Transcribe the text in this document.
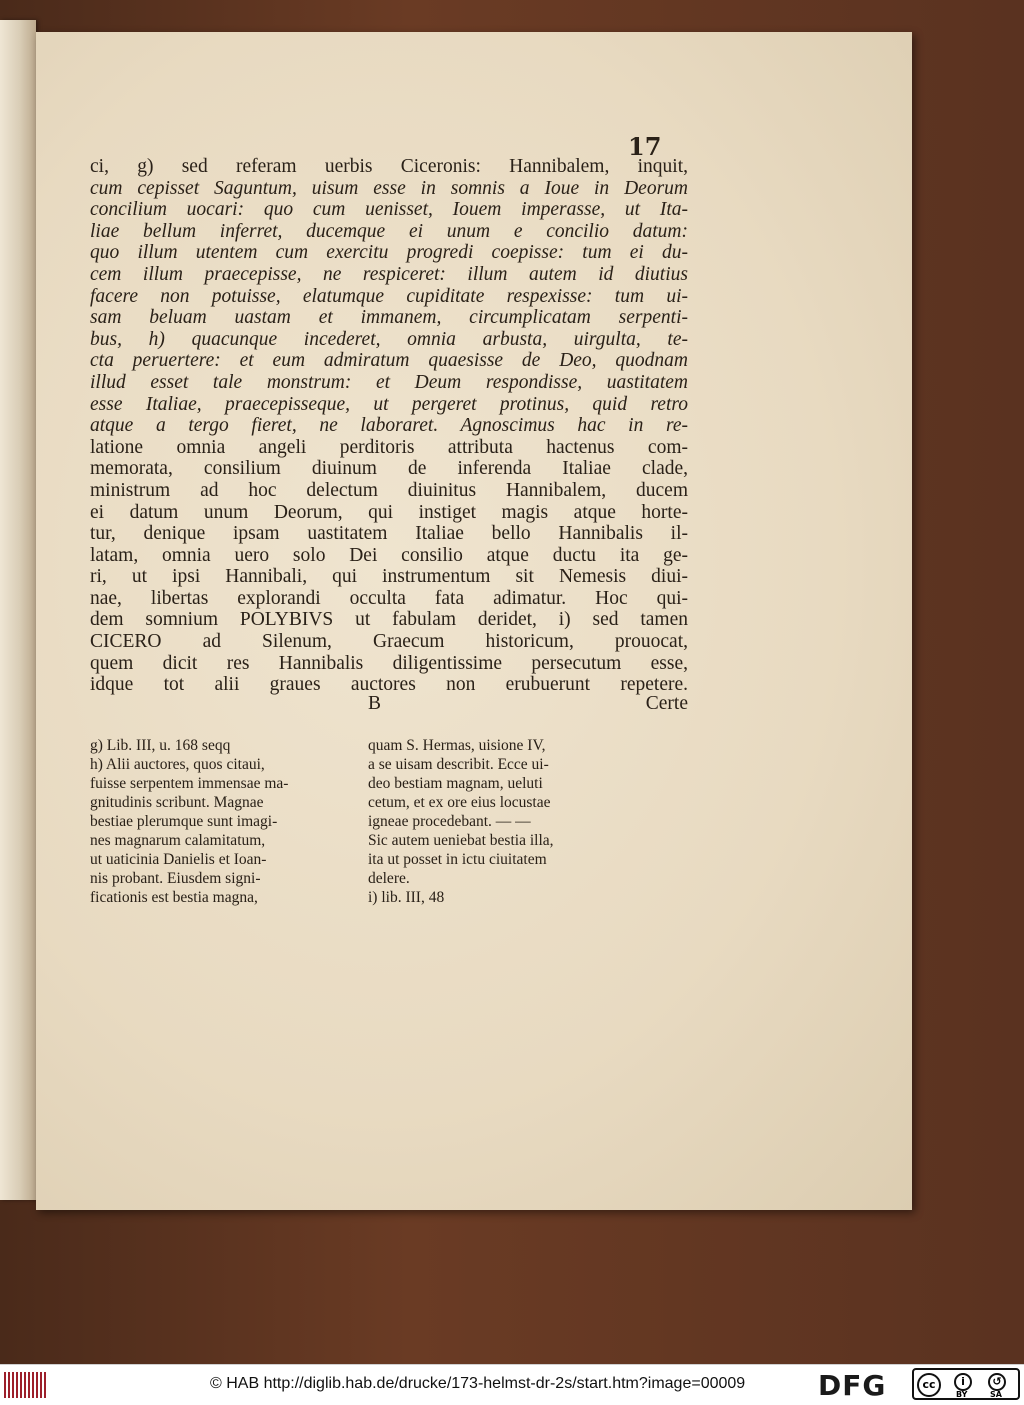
17
ci, g) sed referam uerbis Ciceronis: Hannibalem, inquit,
cum cepisset Saguntum, uisum esse in somnis a Ioue in Deorum
concilium uocari: quo cum uenisset, Iouem imperasse, ut Ita-
liae bellum inferret, ducemque ei unum e concilio datum:
quo illum utentem cum exercitu progredi coepisse: tum ei du-
cem illum praecepisse, ne respiceret: illum autem id diutius
facere non potuisse, elatumque cupiditate respexisse: tum ui-
sam beluam uastam et immanem, circumplicatam serpenti-
bus, h) quacunque incederet, omnia arbusta, uirgulta, te-
cta peruertere: et eum admiratum quaesisse de Deo, quodnam
illud esset tale monstrum: et Deum respondisse, uastitatem
esse Italiae, praecepisseque, ut pergeret protinus, quid retro
atque a tergo fieret, ne laboraret. Agnoscimus hac in re-
latione omnia angeli perditoris attributa hactenus com-
memorata, consilium diuinum de inferenda Italiae clade,
ministrum ad hoc delectum diuinitus Hannibalem, ducem
ei datum unum Deorum, qui instiget magis atque horte-
tur, denique ipsam uastitatem Italiae bello Hannibalis il-
latam, omnia uero solo Dei consilio atque ductu ita ge-
ri, ut ipsi Hannibali, qui instrumentum sit Nemesis diui-
nae, libertas explorandi occulta fata adimatur. Hoc qui-
dem somnium POLYBIVS ut fabulam deridet, i) sed tamen
CICERO ad Silenum, Graecum historicum, prouocat,
quem dicit res Hannibalis diligentissime persecutum esse,
idque tot alii graues auctores non erubuerunt repetere.
B	Certe
g) Lib. III, u. 168 seqq
h) Alii auctores, quos citaui,
fuisse serpentem immensae ma-
gnitudinis scribunt. Magnae
bestiae plerumque sunt imagi-
nes magnarum calamitatum,
ut uaticinia Danielis et Ioan-
nis probant. Eiusdem signi-
ficationis est bestia magna,
quam S. Hermas, uisione IV,
a se uisam describit. Ecce ui-
deo bestiam magnam, ueluti
cetum, et ex ore eius locustae
igneae procedebant. — —
Sic autem ueniebat bestia illa,
ita ut posset in ictu ciuitatem
delere.
i) lib. III, 48
© HAB http://diglib.hab.de/drucke/173-helmst-dr-2s/start.htm?image=00009	DFG	cc	i	↺
BY	SA
